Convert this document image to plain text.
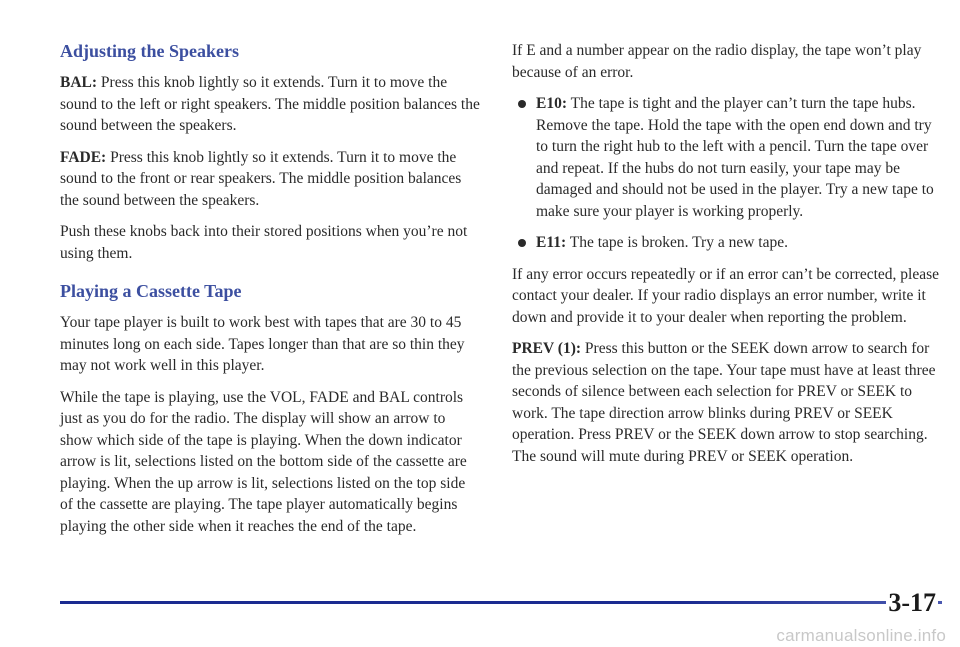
Adjusting the Speakers

BAL: Press this knob lightly so it extends. Turn it to move the sound to the left or right speakers. The middle position balances the sound between the speakers.

FADE: Press this knob lightly so it extends. Turn it to move the sound to the front or rear speakers. The middle position balances the sound between the speakers.

Push these knobs back into their stored positions when you’re not using them.

Playing a Cassette Tape

Your tape player is built to work best with tapes that are 30 to 45 minutes long on each side. Tapes longer than that are so thin they may not work well in this player.

While the tape is playing, use the VOL, FADE and BAL controls just as you do for the radio. The display will show an arrow to show which side of the tape is playing. When the down indicator arrow is lit, selections listed on the bottom side of the cassette are playing. When the up arrow is lit, selections listed on the top side of the cassette are playing. The tape player automatically begins playing the other side when it reaches the end of the tape.

If E and a number appear on the radio display, the tape won’t play because of an error.

E10: The tape is tight and the player can’t turn the tape hubs. Remove the tape. Hold the tape with the open end down and try to turn the right hub to the left with a pencil. Turn the tape over and repeat. If the hubs do not turn easily, your tape may be damaged and should not be used in the player. Try a new tape to make sure your player is working properly.
E11: The tape is broken. Try a new tape.

If any error occurs repeatedly or if an error can’t be corrected, please contact your dealer. If your radio displays an error number, write it down and provide it to your dealer when reporting the problem.

PREV (1): Press this button or the SEEK down arrow to search for the previous selection on the tape. Your tape must have at least three seconds of silence between each selection for PREV or SEEK to work. The tape direction arrow blinks during PREV or SEEK operation. Press PREV or the SEEK down arrow to stop searching. The sound will mute during PREV or SEEK operation.

3-17
carmanualsonline.info
